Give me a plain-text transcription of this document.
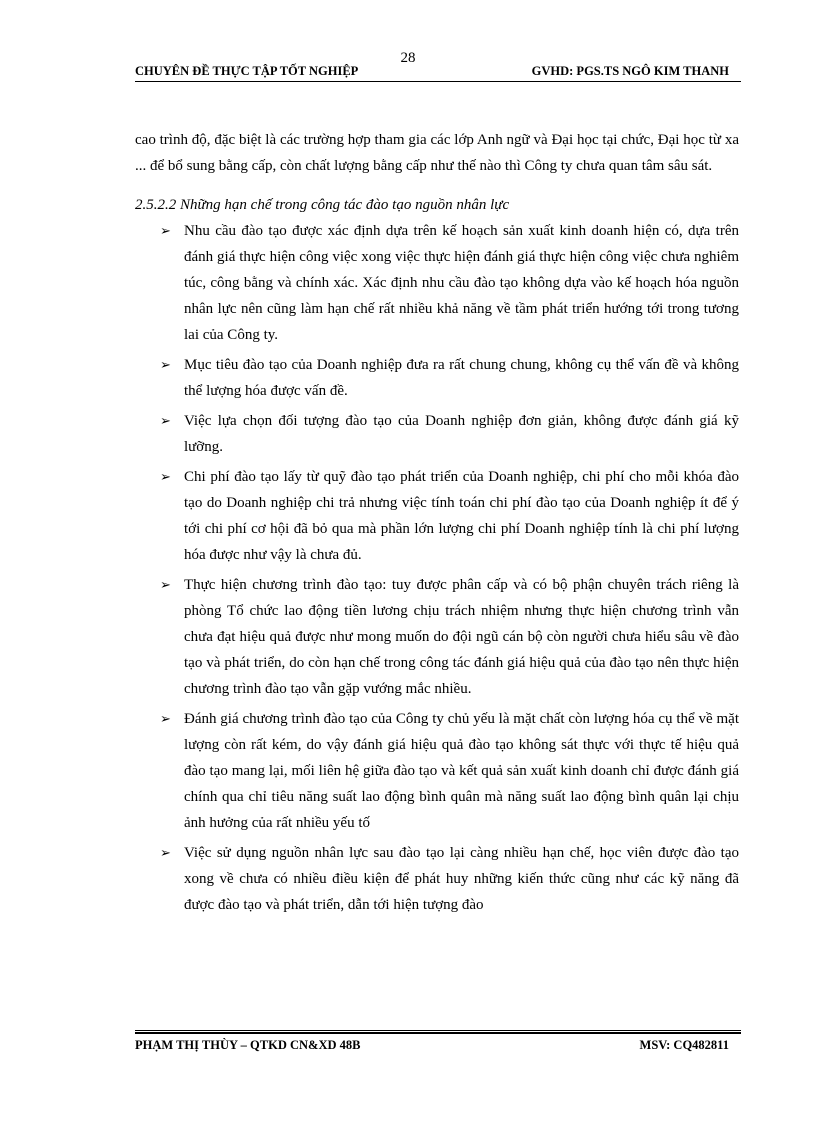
28
CHUYÊN ĐỀ THỰC TẬP TỐT NGHIỆP	GVHD: PGS.TS NGÔ KIM THANH

cao trình độ, đặc biệt là các trường hợp tham gia các lớp Anh ngữ và Đại học tại chức, Đại học từ xa ... để bổ sung bằng cấp, còn chất lượng bằng cấp như thế nào thì Công ty chưa quan tâm sâu sát.

2.5.2.2 Những hạn chế trong công tác đào tạo nguồn nhân lực

➢ Nhu cầu đào tạo được xác định dựa trên kế hoạch sản xuất kinh doanh hiện có, dựa trên đánh giá thực hiện công việc xong việc thực hiện đánh giá thực hiện công việc chưa nghiêm túc, công bằng và chính xác. Xác định nhu cầu đào tạo không dựa vào kế hoạch hóa nguồn nhân lực nên cũng làm hạn chế rất nhiều khả năng về tầm phát triển hướng tới trong tương lai của Công ty.
➢ Mục tiêu đào tạo của Doanh nghiệp đưa ra rất chung chung, không cụ thể vấn đề và không thể lượng hóa được vấn đề.
➢ Việc lựa chọn đối tượng đào tạo của Doanh nghiệp đơn giản, không được đánh giá kỹ lưỡng.
➢ Chi phí đào tạo lấy từ quỹ đào tạo phát triển của Doanh nghiệp, chi phí cho mỗi khóa đào tạo do Doanh nghiệp chi trả nhưng việc tính toán chi phí đào tạo của Doanh nghiệp ít để ý tới chi phí cơ hội đã bỏ qua mà phần lớn lượng chi phí Doanh nghiệp tính là chi phí lượng hóa được như vậy là chưa đủ.
➢ Thực hiện chương trình đào tạo: tuy được phân cấp và có bộ phận chuyên trách riêng là phòng Tổ chức lao động tiền lương chịu trách nhiệm nhưng thực hiện chương trình vẫn chưa đạt hiệu quả được như mong muốn do đội ngũ cán bộ còn người chưa hiểu sâu về đào tạo và phát triển, do còn hạn chế trong công tác đánh giá hiệu quả của đào tạo nên thực hiện chương trình đào tạo vẫn gặp vướng mắc nhiều.
➢ Đánh giá chương trình đào tạo của Công ty chủ yếu là mặt chất còn lượng hóa cụ thể về mặt lượng còn rất kém, do vậy đánh giá hiệu quả đào tạo không sát thực với thực tế hiệu quả đào tạo mang lại, mối liên hệ giữa đào tạo và kết quả sản xuất kinh doanh chỉ được đánh giá chính qua chỉ tiêu năng suất lao động bình quân mà năng suất lao động bình quân lại chịu ảnh hưởng của rất nhiều yếu tố
➢ Việc sử dụng nguồn nhân lực sau đào tạo lại càng nhiều hạn chế, học viên được đào tạo xong về chưa có nhiều điều kiện để phát huy những kiến thức cũng như các kỹ năng đã được đào tạo và phát triển, dẫn tới hiện tượng đào
PHẠM THỊ THÙY – QTKD CN&XD 48B	MSV: CQ482811
